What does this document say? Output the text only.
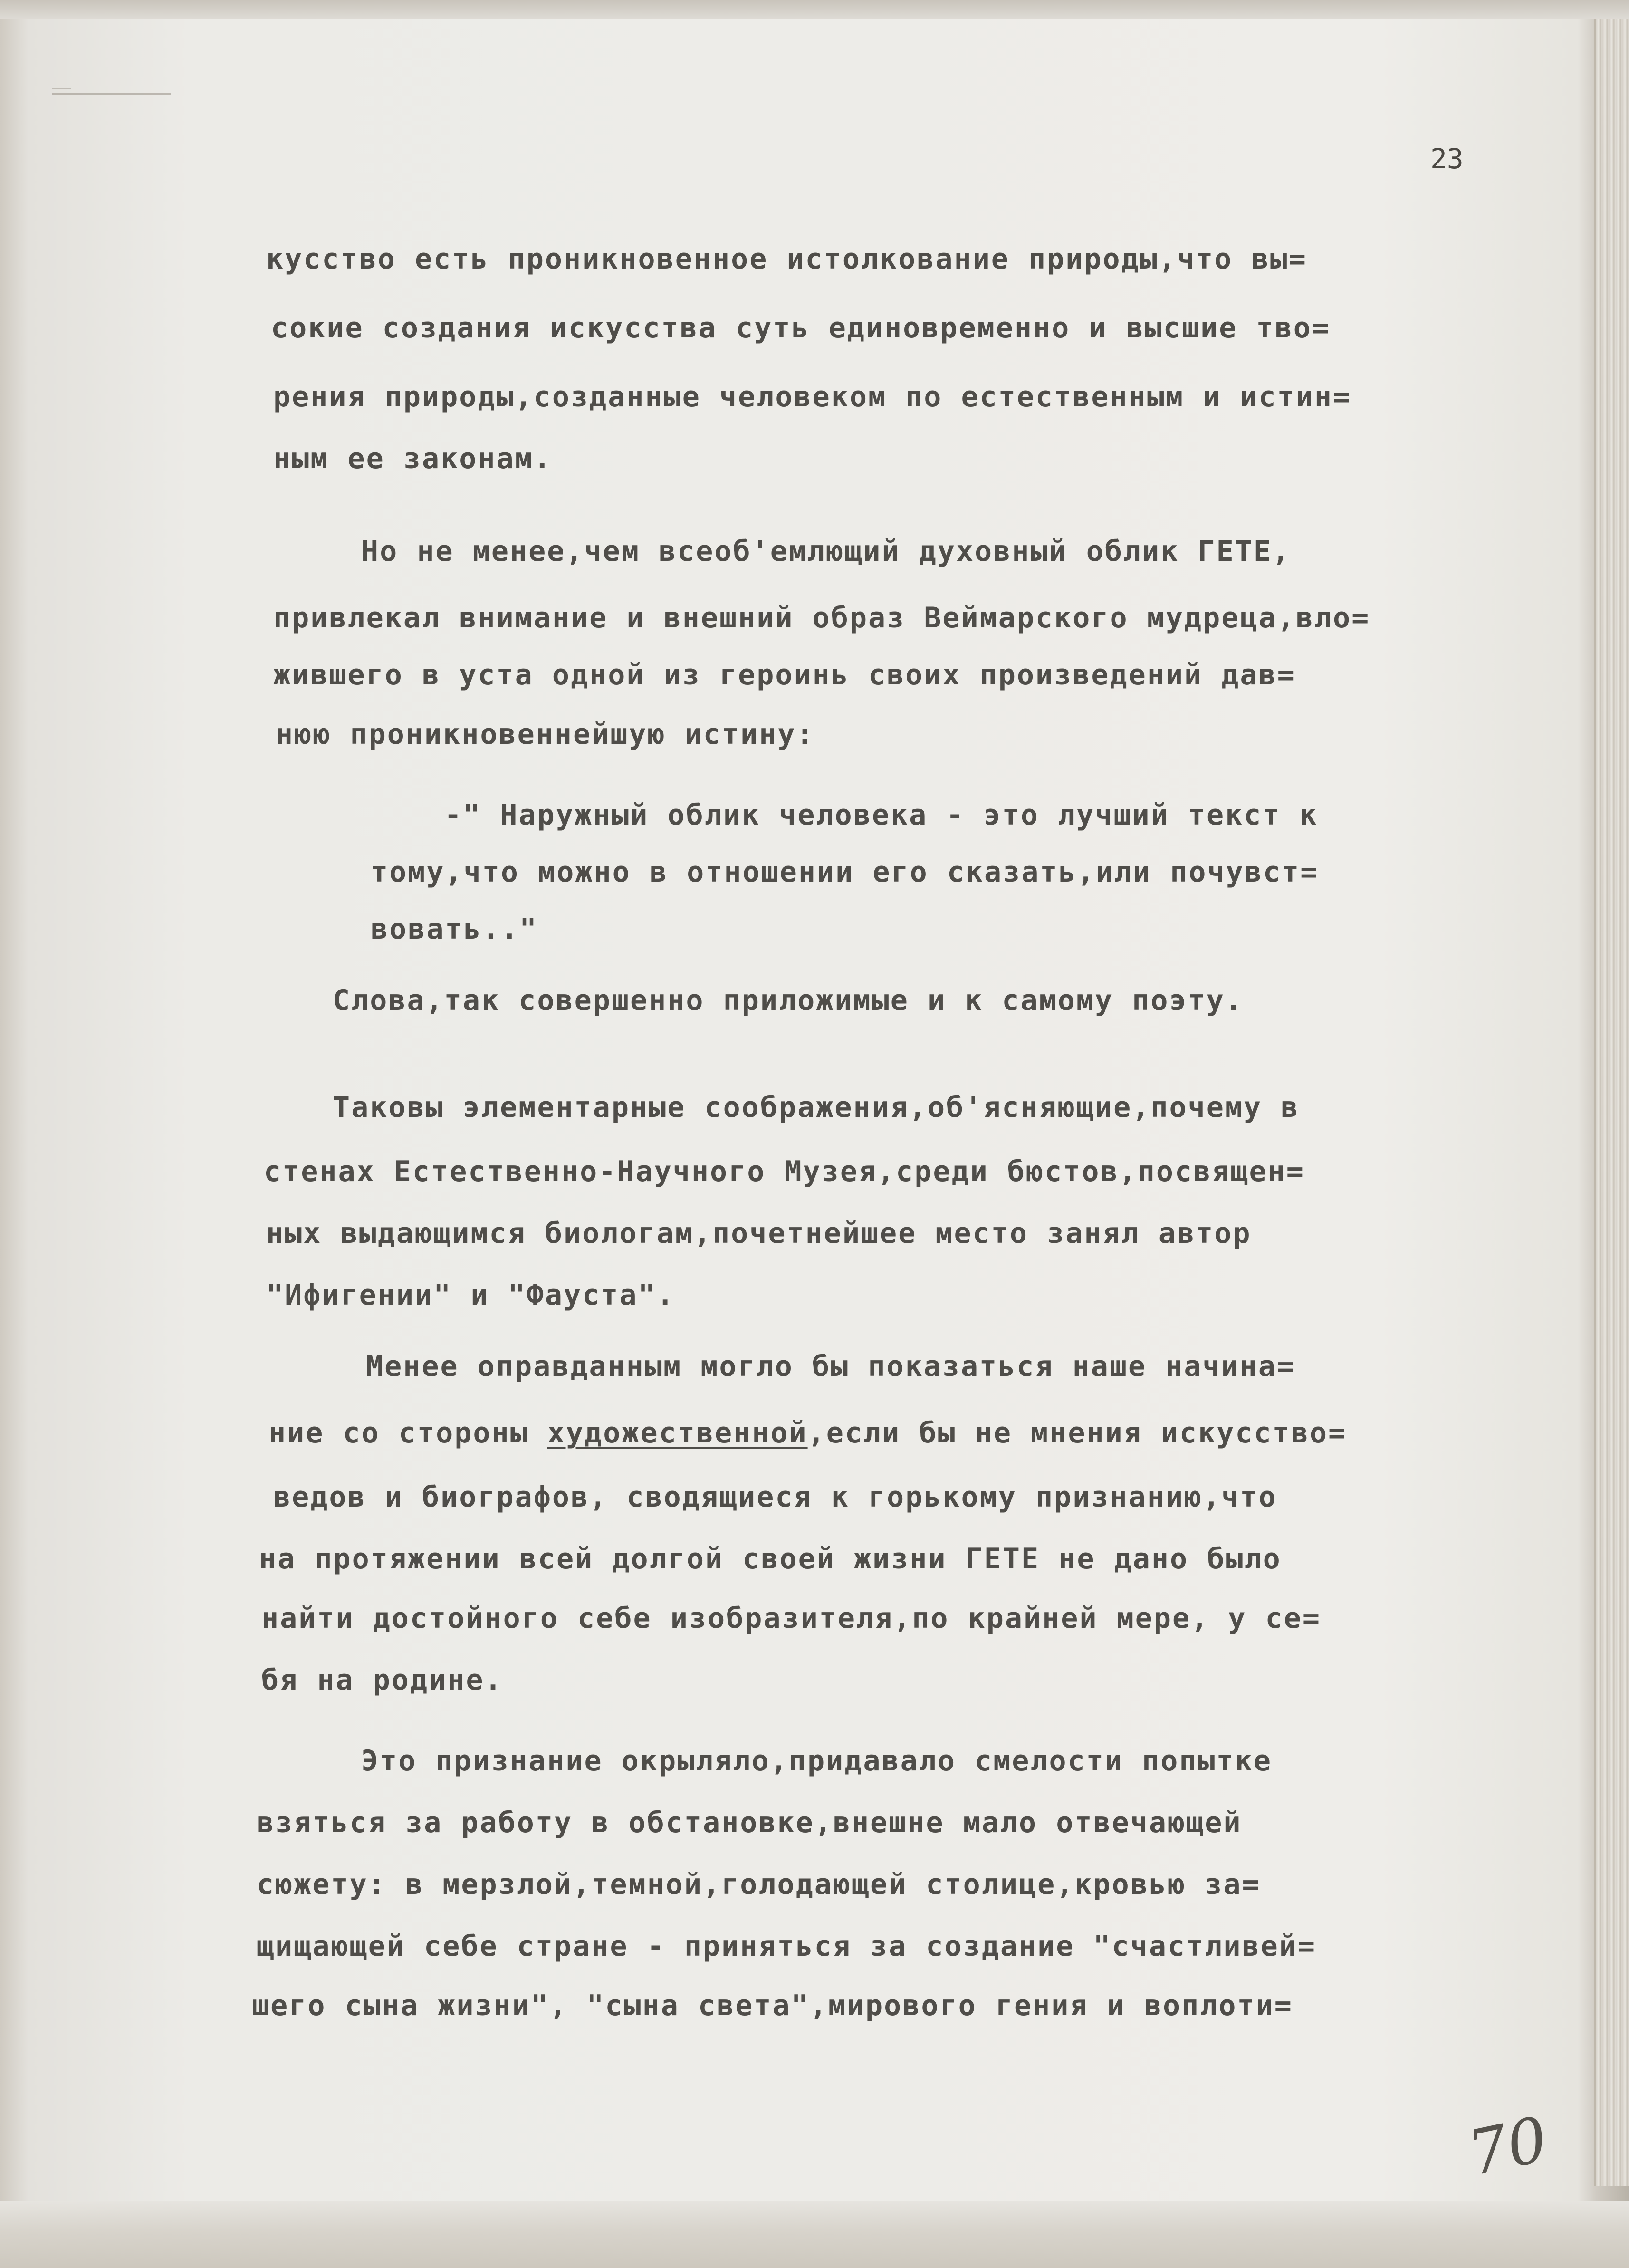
23

кусство есть проникновенное истолкование природы,что вы=

сокие создания искусства суть единовременно и высшие тво=

рения природы,созданные человеком по естественным и истин=

ным ее законам.

Но не менее,чем всеоб'емлющий духовный облик ГЕТЕ,

привлекал внимание и внешний образ Веймарского мудреца,вло=

жившего в уста одной из героинь своих произведений дав=

нюю проникновеннейшую истину:

-" Наружный облик человека - это лучший текст к

тому,что можно в отношении его сказать,или почувст=

вовать.."

Слова,так совершенно приложимые и к самому поэту.

Таковы элементарные соображения,об'ясняющие,почему в

стенах Естественно-Научного Музея,среди бюстов,посвящен=

ных выдающимся биологам,почетнейшее место занял автор

"Ифигении" и "Фауста".

Менее оправданным могло бы показаться наше начина=

ние со стороны художественной,если бы не мнения искусство=

ведов и биографов, сводящиеся к горькому признанию,что

на протяжении всей долгой своей жизни ГЕТЕ не дано было

найти достойного себе изобразителя,по крайней мере, у се=

бя на родине.

Это признание окрыляло,придавало смелости попытке

взяться за работу в обстановке,внешне мало отвечающей

сюжету: в мерзлой,темной,голодающей столице,кровью за=

щищающей себе стране - приняться за создание "счастливей=

шего сына жизни", "сына света",мирового гения и воплоти=

70
